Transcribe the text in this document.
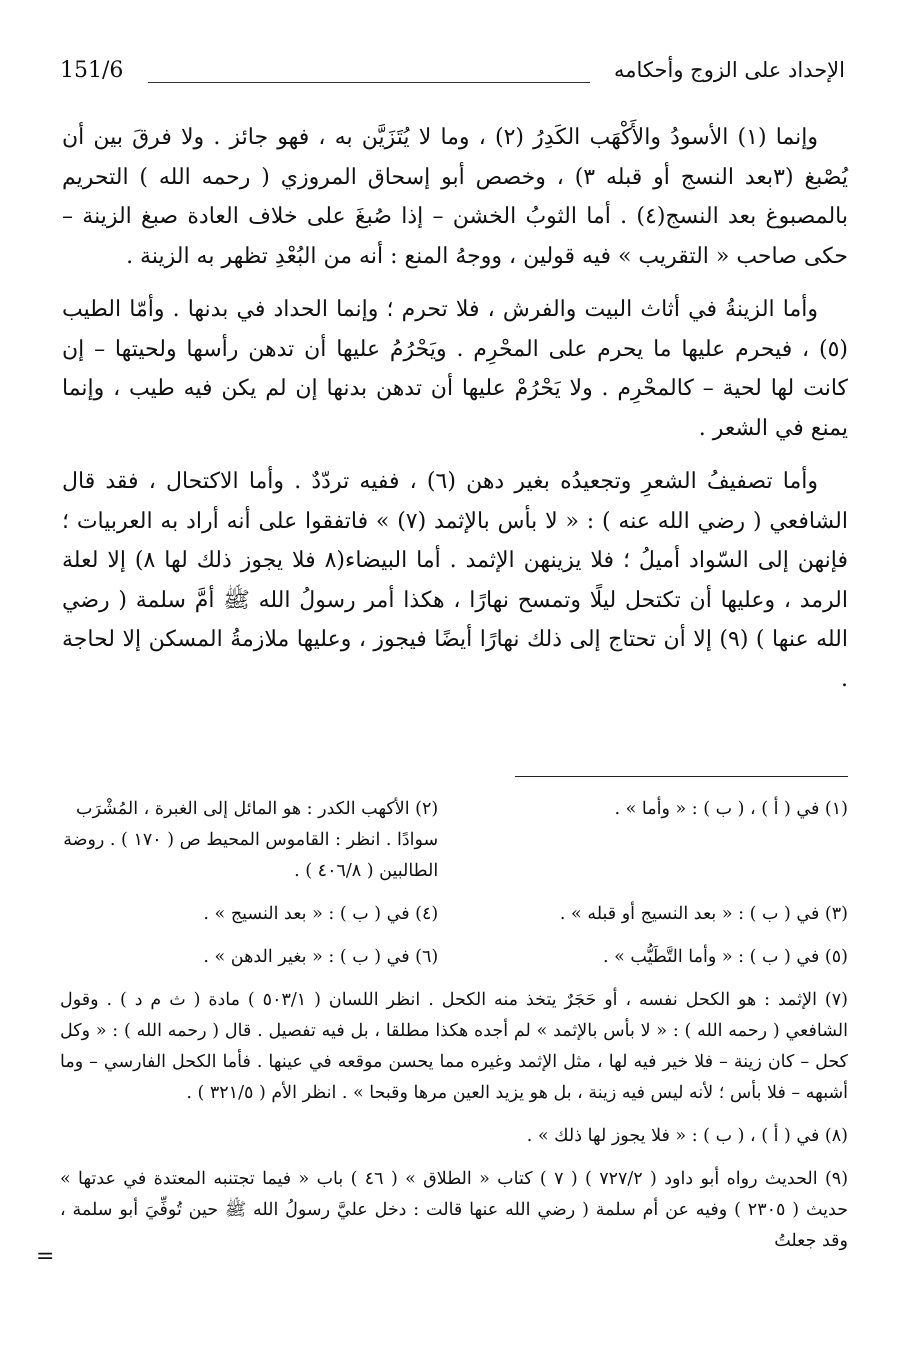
151/6	الإحداد على الزوج وأحكامه

وإنما (١) الأسودُ والأَكْهَب الكَدِرُ (٢) ، وما لا يُتَزَيَّن به ، فهو جائز . ولا فرقَ بين أن يُصْبغ (٣بعد النسج أو قبله ٣) ، وخصص أبو إسحاق المروزي ( رحمه الله ) التحريم بالمصبوغ بعد النسج(٤) . أما الثوبُ الخشن – إذا صُبغَ على خلاف العادة صبغ الزينة – حكى صاحب « التقريب » فيه قولين ، ووجهُ المنع : أنه من البُعْدِ تظهر به الزينة .

وأما الزينةُ في أثاث البيت والفرش ، فلا تحرم ؛ وإنما الحداد في بدنها . وأمّا الطيب (٥) ، فيحرم عليها ما يحرم على المحْرِم . ويَحْرُمُ عليها أن تدهن رأسها ولحيتها – إن كانت لها لحية – كالمحْرِم . ولا يَحْرُمْ عليها أن تدهن بدنها إن لم يكن فيه طيب ، وإنما يمنع في الشعر .

وأما تصفيفُ الشعرِ وتجعيدُه بغير دهن (٦) ، ففيه تردّدٌ . وأما الاكتحال ، فقد قال الشافعي ( رضي الله عنه ) : « لا بأس بالإثمد (٧) » فاتفقوا على أنه أراد به العربيات ؛ فإنهن إلى السّواد أميلُ ؛ فلا يزينهن الإثمد . أما البيضاء(٨ فلا يجوز ذلك لها ٨) إلا لعلة الرمد ، وعليها أن تكتحل ليلًا وتمسح نهارًا ، هكذا أمر رسولُ الله ﷺ أمَّ سلمة ( رضي الله عنها ) (٩) إلا أن تحتاج إلى ذلك نهارًا أيضًا فيجوز ، وعليها ملازمةُ المسكن إلا لحاجة .

(١) في ( أ ) ، ( ب ) : « وأما » .
(٢) الأكهب الكدر : هو المائل إلى الغبرة ، المُشْرَب سوادًا . انظر : القاموس المحيط ص ( ١٧٠ ) . روضة الطالبين ( ٤٠٦/٨ ) .
(٣) في ( ب ) : « بعد النسيج أو قبله » .
(٤) في ( ب ) : « بعد النسيج » .
(٥) في ( ب ) : « وأما التَّطَيُّب » .
(٦) في ( ب ) : « بغير الدهن » .
(٧) الإثمد : هو الكحل نفسه ، أو حَجَرٌ يتخذ منه الكحل . انظر اللسان ( ٥٠٣/١ ) مادة ( ث م د ) . وقول الشافعي ( رحمه الله ) : « لا بأس بالإثمد » لم أجده هكذا مطلقا ، بل فيه تفصيل . قال ( رحمه الله ) : « وكل كحل – كان زينة – فلا خير فيه لها ، مثل الإثمد وغيره مما يحسن موقعه في عينها . فأما الكحل الفارسي – وما أشبهه – فلا بأس ؛ لأنه ليس فيه زينة ، بل هو يزيد العين مرها وقبحا » . انظر الأم ( ٣٢١/٥ ) .
(٨) في ( أ ) ، ( ب ) : « فلا يجوز لها ذلك » .
(٩) الحديث رواه أبو داود ( ٧٢٧/٢ ) ( ٧ ) كتاب « الطلاق » ( ٤٦ ) باب « فيما تجتنبه المعتدة في عدتها » حديث ( ٢٣٠٥ ) وفيه عن أم سلمة ( رضي الله عنها قالت : دخل عليَّ رسولُ الله ﷺ حين تُوفِّيَ أبو سلمة ، وقد جعلتُ
=
